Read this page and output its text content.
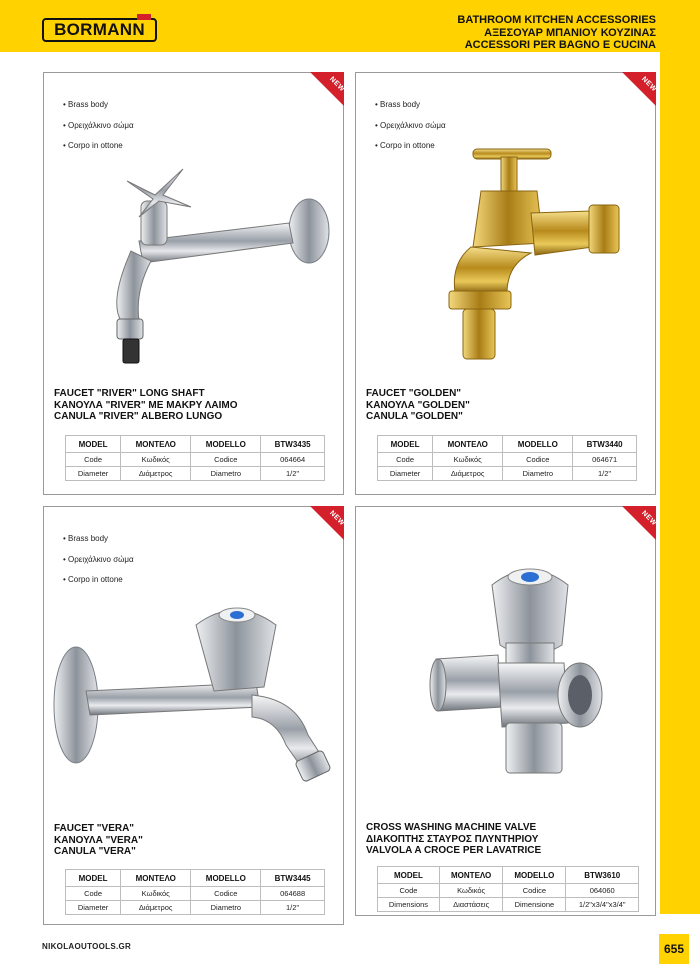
BORMANN	BATHROOM KITCHEN ACCESSORIES
ΑΞΕΣΟΥΑΡ ΜΠΑΝΙΟΥ ΚΟΥΖΙΝΑΣ
ACCESSORI PER BAGNO E CUCINA
NEW
• Brass body
• Ορειχάλκινο σώμα
• Corpo in ottone
FAUCET "RIVER" LONG SHAFT
ΚΑΝΟΥΛΑ "RIVER" ΜΕ ΜΑΚΡΥ ΛΑΙΜΟ
CANULA "RIVER" ALBERO LUNGO
MODEL	ΜΟΝΤΕΛΟ	MODELLO	BTW3435
Code	Κωδικός	Codice	064664
Diameter	Διάμετρος	Diametro	1/2''
NEW
• Brass body
• Ορειχάλκινο σώμα
• Corpo in ottone
FAUCET "GOLDEN"
ΚΑΝΟΥΛΑ "GOLDEN"
CANULA "GOLDEN"
MODEL	ΜΟΝΤΕΛΟ	MODELLO	BTW3440
Code	Κωδικός	Codice	064671
Diameter	Διάμετρος	Diametro	1/2''
NEW
• Brass body
• Ορειχάλκινο σώμα
• Corpo in ottone
FAUCET "VERA"
ΚΑΝΟΥΛΑ "VERA"
CANULA "VERA"
MODEL	ΜΟΝΤΕΛΟ	MODELLO	BTW3445
Code	Κωδικός	Codice	064688
Diameter	Διάμετρος	Diametro	1/2''
NEW
CROSS WASHING MACHINE VALVE
ΔΙΑΚΟΠΤΗΣ ΣΤΑΥΡΟΣ ΠΛΥΝΤΗΡΙΟΥ
VALVOLA A CROCE PER LAVATRICE
MODEL	ΜΟΝΤΕΛΟ	MODELLO	BTW3610
Code	Κωδικός	Codice	064060
Dimensions	Διαστάσεις	Dimensione	1/2"x3/4"x3/4"
NIKOLAOUTOOLS.GR	655
